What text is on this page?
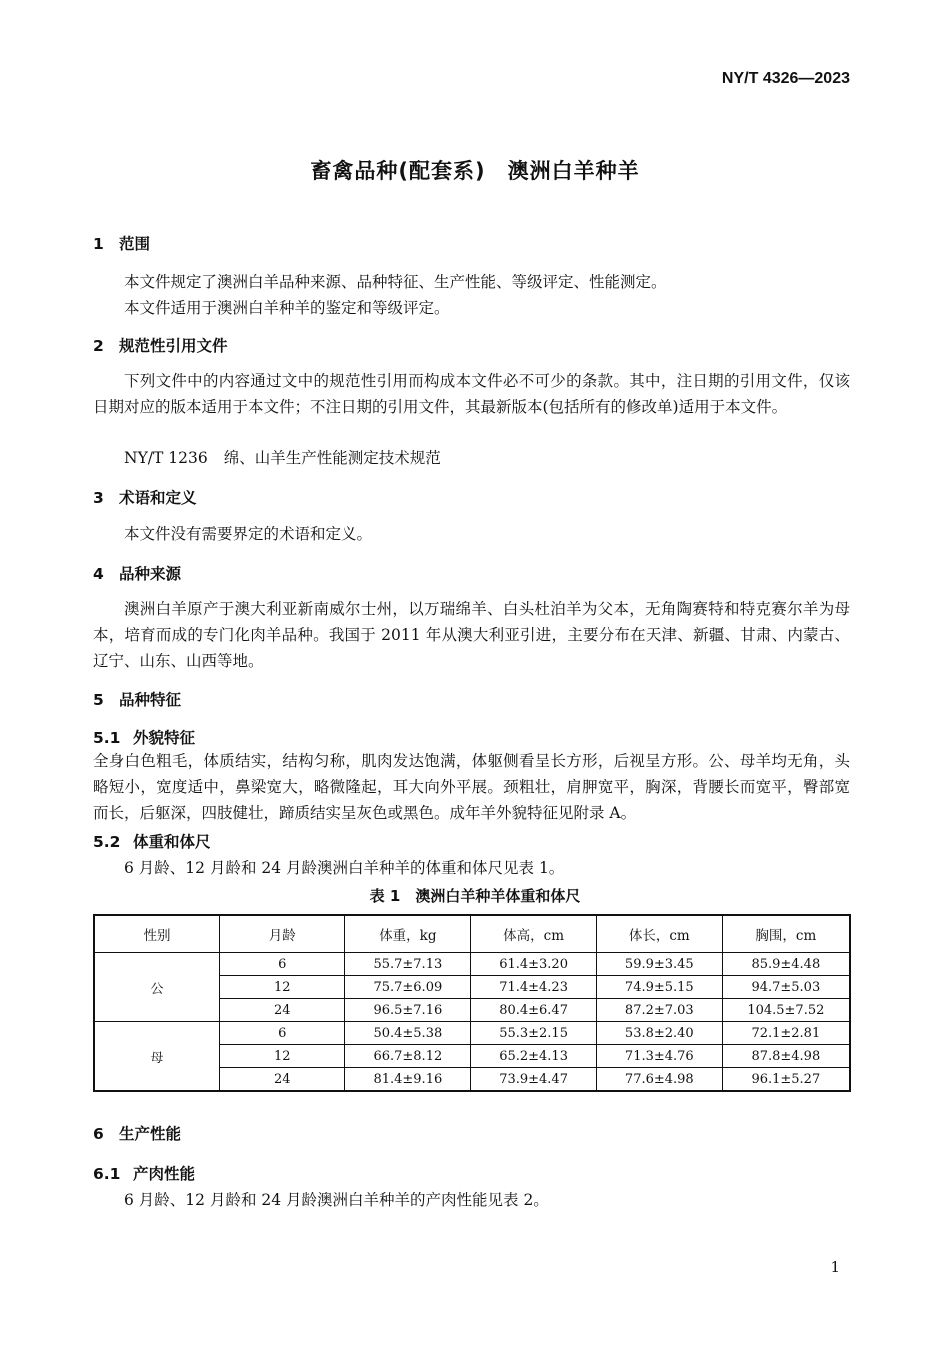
NY/T 4326—2023
畜禽品种(配套系)　澳洲白羊种羊
1 范围
本文件规定了澳洲白羊品种来源、品种特征、生产性能、等级评定、性能测定。
本文件适用于澳洲白羊种羊的鉴定和等级评定。
2 规范性引用文件
下列文件中的内容通过文中的规范性引用而构成本文件必不可少的条款。其中，注日期的引用文件，仅该日期对应的版本适用于本文件；不注日期的引用文件，其最新版本(包括所有的修改单)适用于本文件。
NY/T 1236 绵、山羊生产性能测定技术规范
3 术语和定义
本文件没有需要界定的术语和定义。
4 品种来源
澳洲白羊原产于澳大利亚新南威尔士州，以万瑞绵羊、白头杜泊羊为父本，无角陶赛特和特克赛尔羊为母本，培育而成的专门化肉羊品种。我国于 2011 年从澳大利亚引进，主要分布在天津、新疆、甘肃、内蒙古、辽宁、山东、山西等地。
5 品种特征
5.1 外貌特征
全身白色粗毛，体质结实，结构匀称，肌肉发达饱满，体躯侧看呈长方形，后视呈方形。公、母羊均无角，头略短小，宽度适中，鼻梁宽大，略微隆起，耳大向外平展。颈粗壮，肩胛宽平，胸深，背腰长而宽平，臀部宽而长，后躯深，四肢健壮，蹄质结实呈灰色或黑色。成年羊外貌特征见附录 A。
5.2 体重和体尺
6 月龄、12 月龄和 24 月龄澳洲白羊种羊的体重和体尺见表 1。
表 1　澳洲白羊种羊体重和体尺
性别	月龄	体重，kg	体高，cm	体长，cm	胸围，cm
公	6	55.7±7.13	61.4±3.20	59.9±3.45	85.9±4.48
	12	75.7±6.09	71.4±4.23	74.9±5.15	94.7±5.03
	24	96.5±7.16	80.4±6.47	87.2±7.03	104.5±7.52
母	6	50.4±5.38	55.3±2.15	53.8±2.40	72.1±2.81
	12	66.7±8.12	65.2±4.13	71.3±4.76	87.8±4.98
	24	81.4±9.16	73.9±4.47	77.6±4.98	96.1±5.27
6 生产性能
6.1 产肉性能
6 月龄、12 月龄和 24 月龄澳洲白羊种羊的产肉性能见表 2。
1
